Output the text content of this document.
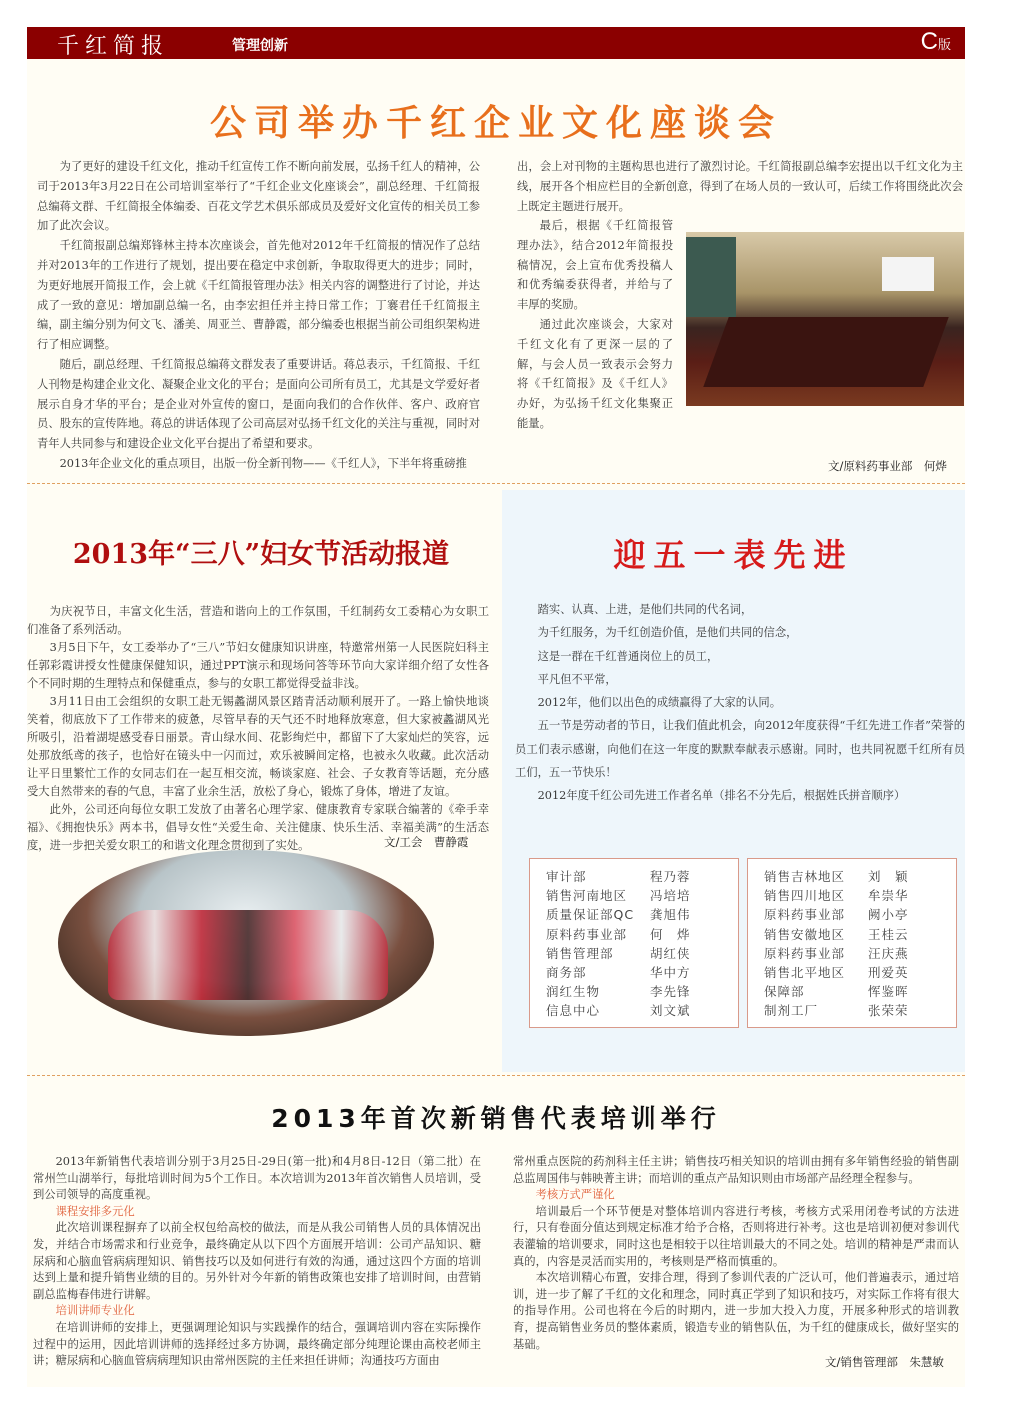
千红简报	管理创新	C版
公司举办千红企业文化座谈会

为了更好的建设千红文化，推动千红宣传工作不断向前发展，弘扬千红人的精神，公司于2013年3月22日在公司培训室举行了“千红企业文化座谈会”，副总经理、千红简报总编蒋文群、千红简报全体编委、百花文学艺术俱乐部成员及爱好文化宣传的相关员工参加了此次会议。

千红简报副总编郑锋林主持本次座谈会，首先他对2012年千红简报的情况作了总结并对2013年的工作进行了规划，提出要在稳定中求创新，争取取得更大的进步；同时，为更好地展开简报工作，会上就《千红简报管理办法》相关内容的调整进行了讨论，并达成了一致的意见：增加副总编一名，由李宏担任并主持日常工作；丁褰君任千红简报主编，副主编分别为何文飞、潘美、周亚兰、曹静霞，部分编委也根据当前公司组织架构进行了相应调整。

随后，副总经理、千红简报总编蒋文群发表了重要讲话。蒋总表示，千红简报、千红人刊物是构建企业文化、凝聚企业文化的平台；是面向公司所有员工，尤其是文学爱好者展示自身才华的平台；是企业对外宣传的窗口，是面向我们的合作伙伴、客户、政府官员、股东的宣传阵地。蒋总的讲话体现了公司高层对弘扬千红文化的关注与重视，同时对青年人共同参与和建设企业文化平台提出了希望和要求。

2013年企业文化的重点项目，出版一份全新刊物——《千红人》，下半年将重磅推

出，会上对刊物的主题构思也进行了激烈讨论。千红简报副总编李宏提出以千红文化为主线，展开各个相应栏目的全新创意，得到了在场人员的一致认可，后续工作将围绕此次会上既定主题进行展开。

最后，根据《千红简报管理办法》，结合2012年简报投稿情况，会上宣布优秀投稿人和优秀编委获得者，并给与了丰厚的奖励。

通过此次座谈会，大家对千红文化有了更深一层的了解，与会人员一致表示会努力将《千红简报》及《千红人》办好，为弘扬千红文化集聚正能量。

文/原料药事业部　何烨
2013年“三八”妇女节活动报道

为庆祝节日，丰富文化生活，营造和谐向上的工作氛围，千红制药女工委精心为女职工们准备了系列活动。

3月5日下午，女工委举办了“三八”节妇女健康知识讲座，特邀常州第一人民医院妇科主任郭彩霞讲授女性健康保健知识，通过PPT演示和现场问答等环节向大家详细介绍了女性各个不同时期的生理特点和保健重点，参与的女职工都觉得受益非浅。

3月11日由工会组织的女职工赴无锡蠡湖风景区踏青活动顺利展开了。一路上愉快地谈笑着，彻底放下了工作带来的疲惫，尽管早春的天气还不时地释放寒意，但大家被蠡湖风光所吸引，沿着湖堤感受春日丽景。青山绿水间、花影绚烂中，都留下了大家灿烂的笑容，远处那放纸鸢的孩子，也恰好在镜头中一闪而过，欢乐被瞬间定格，也被永久收藏。此次活动让平日里繁忙工作的女同志们在一起互相交流，畅谈家庭、社会、子女教育等话题，充分感受大自然带来的春的气息，丰富了业余生活，放松了身心，锻炼了身体，增进了友谊。

此外，公司还向每位女职工发放了由著名心理学家、健康教育专家联合编著的《牵手幸福》、《拥抱快乐》两本书，倡导女性“关爱生命、关注健康、快乐生活、幸福美满”的生活态度，进一步把关爱女职工的和谐文化理念贯彻到了实处。	文/工会　曹静霞
迎五一表先进

踏实、认真、上进，是他们共同的代名词，

为千红服务，为千红创造价值，是他们共同的信念，

这是一群在千红普通岗位上的员工，

平凡但不平常，

2012年，他们以出色的成绩赢得了大家的认同。

五一节是劳动者的节日，让我们值此机会，向2012年度获得“千红先进工作者”荣誉的员工们表示感谢，向他们在这一年度的默默奉献表示感谢。同时，也共同祝愿千红所有员工们，五一节快乐！

2012年度千红公司先进工作者名单（排名不分先后，根据姓氏拼音顺序）

审计部	程乃蓉
销售河南地区	冯培培
质量保证部QC	龚旭伟
原料药事业部	何　烨
销售管理部	胡红侠
商务部	华中方
润红生物	李先锋
信息中心	刘文斌
销售吉林地区	刘　颖
销售四川地区	牟崇华
原料药事业部	阙小亭
销售安徽地区	王桂云
原料药事业部	汪庆燕
销售北平地区	刑爱英
保障部	恽鉴晖
制剂工厂	张荣荣
2013年首次新销售代表培训举行

2013年新销售代表培训分别于3月25日-29日(第一批)和4月8日-12日（第二批）在常州竺山湖举行，每批培训时间为5个工作日。本次培训为2013年首次销售人员培训，受到公司领导的高度重视。

课程安排多元化

此次培训课程摒弃了以前全权包给高校的做法，而是从我公司销售人员的具体情况出发，并结合市场需求和行业竞争，最终确定从以下四个方面展开培训：公司产品知识、糖尿病和心脑血管病病理知识、销售技巧以及如何进行有效的沟通，通过这四个方面的培训达到上量和提升销售业绩的目的。另外针对今年新的销售政策也安排了培训时间，由营销副总监梅春伟进行讲解。

培训讲师专业化

在培训讲师的安排上，更强调理论知识与实践操作的结合，强调培训内容在实际操作过程中的运用，因此培训讲师的选择经过多方协调，最终确定部分纯理论课由高校老师主讲；糖尿病和心脑血管病病理知识由常州医院的主任来担任讲师；沟通技巧方面由

常州重点医院的药剂科主任主讲；销售技巧相关知识的培训由拥有多年销售经验的销售副总监周国伟与韩映菁主讲；而培训的重点产品知识则由市场部产品经理全程参与。

考核方式严谨化

培训最后一个环节便是对整体培训内容进行考核，考核方式采用闭卷考试的方法进行，只有卷面分值达到规定标准才给予合格，否则将进行补考。这也是培训初便对参训代表灌输的培训要求，同时这也是相较于以往培训最大的不同之处。培训的精神是严肃而认真的，内容是灵活而实用的，考核则是严格而慎重的。

本次培训精心布置，安排合理，得到了参训代表的广泛认可，他们普遍表示，通过培训，进一步了解了千红的文化和理念，同时真正学到了知识和技巧，对实际工作将有很大的指导作用。公司也将在今后的时期内，进一步加大投入力度，开展多种形式的培训教育，提高销售业务员的整体素质，锻造专业的销售队伍，为千红的健康成长，做好坚实的基础。

文/销售管理部　朱慧敏
